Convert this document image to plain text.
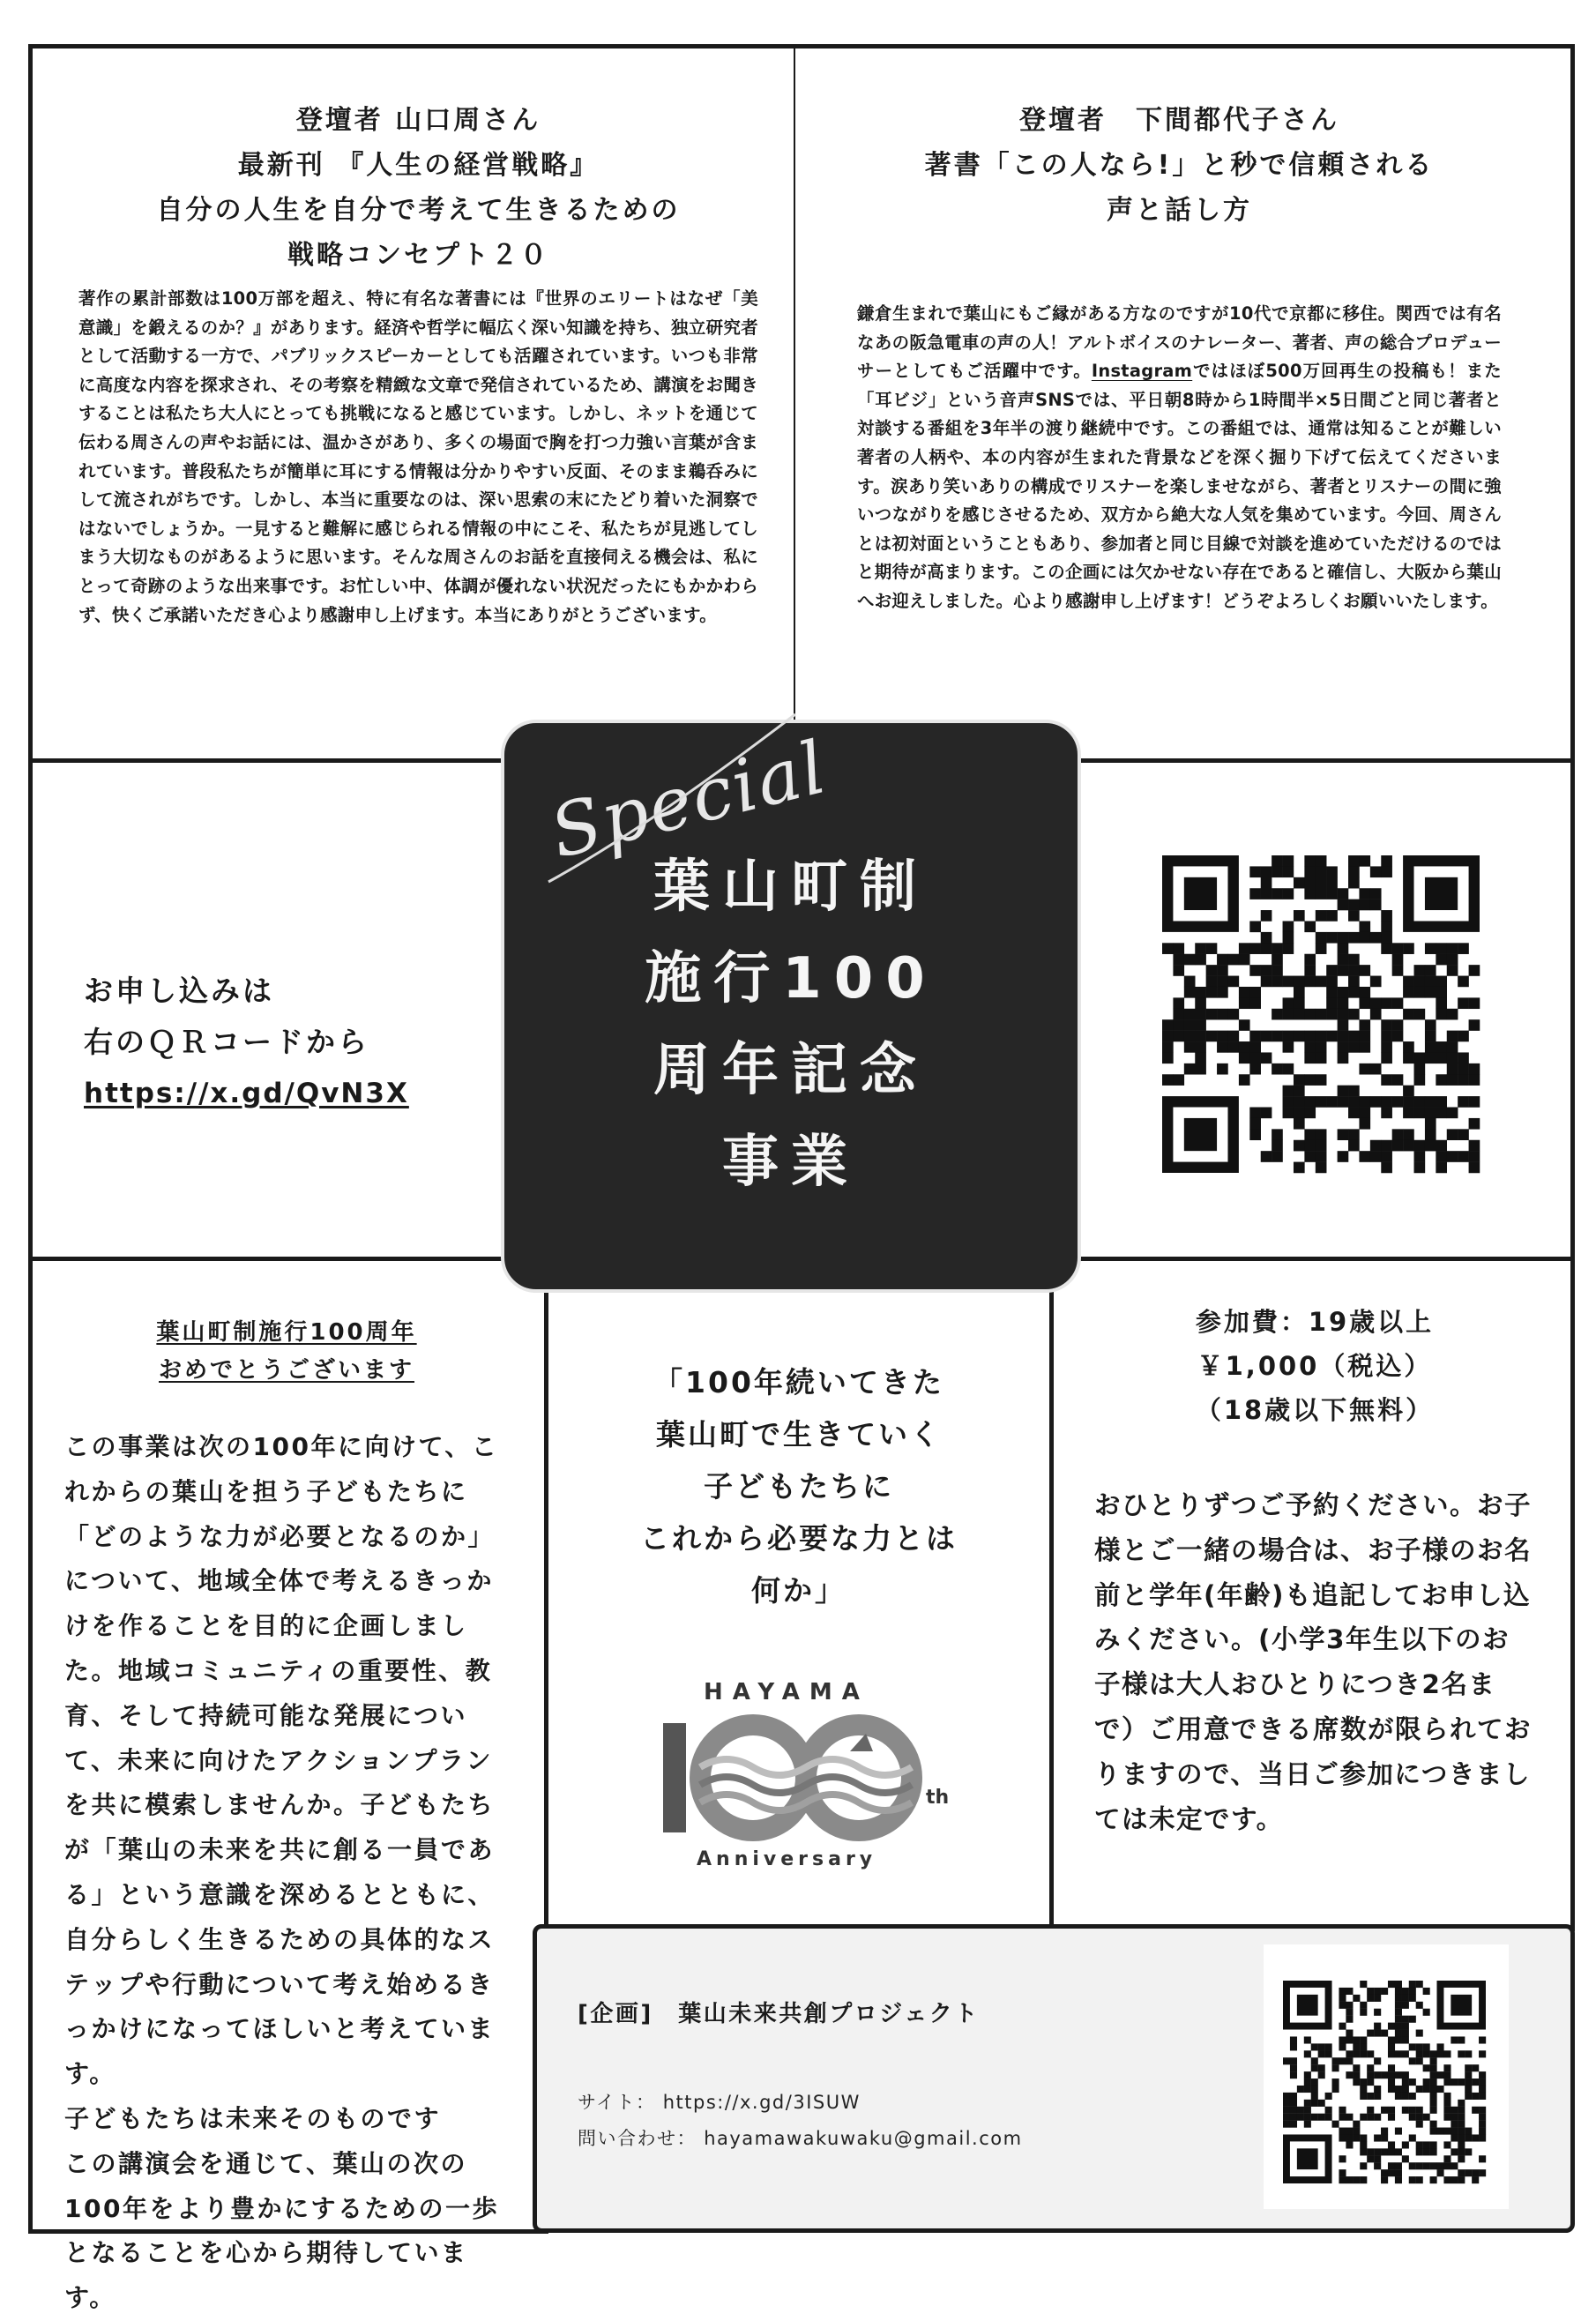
登壇者 山口周さん

最新刊 『人生の経営戦略』

自分の人生を自分で考えて生きるための

戦略コンセプト２０

著作の累計部数は100万部を超え、特に有名な著書には『世界のエリートはなぜ「美意識」を鍛えるのか？』があります。経済や哲学に幅広く深い知識を持ち、独立研究者として活動する一方で、パブリックスピーカーとしても活躍されています。いつも非常に高度な内容を探求され、その考察を精緻な文章で発信されているため、講演をお聞きすることは私たち大人にとっても挑戦になると感じています。しかし、ネットを通じて伝わる周さんの声やお話には、温かさがあり、多くの場面で胸を打つ力強い言葉が含まれています。普段私たちが簡単に耳にする情報は分かりやすい反面、そのまま鵜呑みにして流されがちです。しかし、本当に重要なのは、深い思索の末にたどり着いた洞察ではないでしょうか。一見すると難解に感じられる情報の中にこそ、私たちが見逃してしまう大切なものがあるように思います。そんな周さんのお話を直接伺える機会は、私にとって奇跡のような出来事です。お忙しい中、体調が優れない状況だったにもかかわらず、快くご承諾いただき心より感謝申し上げます。本当にありがとうございます。

登壇者　下間都代子さん

著書「この人なら!」と秒で信頼される

声と話し方

鎌倉生まれで葉山にもご縁がある方なのですが10代で京都に移住。関西では有名なあの阪急電車の声の人！アルトボイスのナレーター、著者、声の総合プロデューサーとしてもご活躍中です。Instagramではほぼ500万回再生の投稿も！また「耳ビジ」という音声SNSでは、平日朝8時から1時間半×5日間ごと同じ著者と対談する番組を3年半の渡り継続中です。この番組では、通常は知ることが難しい著者の人柄や、本の内容が生まれた背景などを深く掘り下げて伝えてくださいます。涙あり笑いありの構成でリスナーを楽しませながら、著者とリスナーの間に強いつながりを感じさせるため、双方から絶大な人気を集めています。今回、周さんとは初対面ということもあり、参加者と同じ目線で対談を進めていただけるのではと期待が高まります。この企画には欠かせない存在であると確信し、大阪から葉山へお迎えしました。心より感謝申し上げます！どうぞよろしくお願いいたします。

お申し込みは

右のＱＲコードから

https://x.gd/QvN3X

葉山町制施行100周年

おめでとうございます

この事業は次の100年に向けて、これからの葉山を担う子どもたちに「どのような力が必要となるのか」について、地域全体で考えるきっかけを作ることを目的に企画しました。地域コミュニティの重要性、教育、そして持続可能な発展について、未来に向けたアクションプランを共に模索しませんか。子どもたちが「葉山の未来を共に創る一員である」という意識を深めるとともに、自分らしく生きるための具体的なステップや行動について考え始めるきっかけになってほしいと考えています。
子どもたちは未来そのものです
この講演会を通じて、葉山の次の100年をより豊かにするための一歩となることを心から期待しています。

「100年続いてきた

葉山町で生きていく

子どもたちに

これから必要な力とは

何か」

HAYAMA
th
Anniversary

参加費：19歳以上

￥1,000（税込）

（18歳以下無料）

おひとりずつご予約ください。お子様とご一緒の場合は、お子様のお名前と学年(年齢)も追記してお申し込みください。(小学3年生以下のお子様は大人おひとりにつき2名まで）ご用意できる席数が限られておりますので、当日ご参加につきましては未定です。

[企画]　葉山未来共創プロジェクト

サイト： https://x.gd/3ISUW

問い合わせ： hayamawakuwaku@gmail.com

Special
葉山町制
施行100
周年記念
事業
